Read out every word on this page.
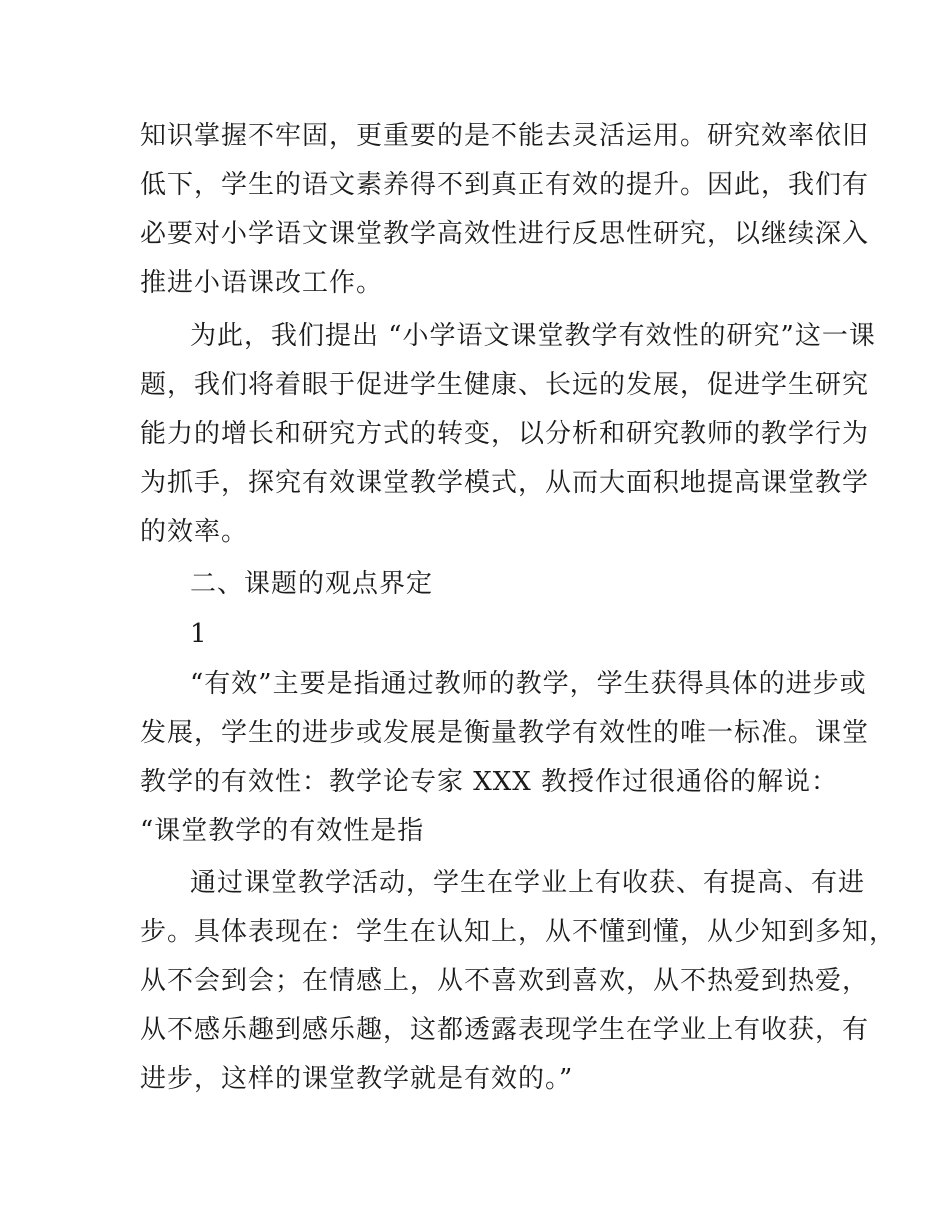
知识掌握不牢固，更重要的是不能去灵活运用。研究效率依旧

低下，学生的语文素养得不到真正有效的提升。因此，我们有

必要对小学语文课堂教学高效性进行反思性研究，以继续深入

推进小语课改工作。

为此，我们提出 “小学语文课堂教学有效性的研究”这一课

题，我们将着眼于促进学生健康、长远的发展，促进学生研究

能力的增长和研究方式的转变，以分析和研究教师的教学行为

为抓手，探究有效课堂教学模式，从而大面积地提高课堂教学

的效率。

二、课题的观点界定

1

“有效”主要是指通过教师的教学，学生获得具体的进步或

发展，学生的进步或发展是衡量教学有效性的唯一标准。课堂

教学的有效性：教学论专家 XXX 教授作过很通俗的解说：

“课堂教学的有效性是指

通过课堂教学活动，学生在学业上有收获、有提高、有进

步。具体表现在：学生在认知上，从不懂到懂，从少知到多知，

从不会到会；在情感上，从不喜欢到喜欢，从不热爱到热爱，

从不感乐趣到感乐趣，这都透露表现学生在学业上有收获，有

进步，这样的课堂教学就是有效的。”
